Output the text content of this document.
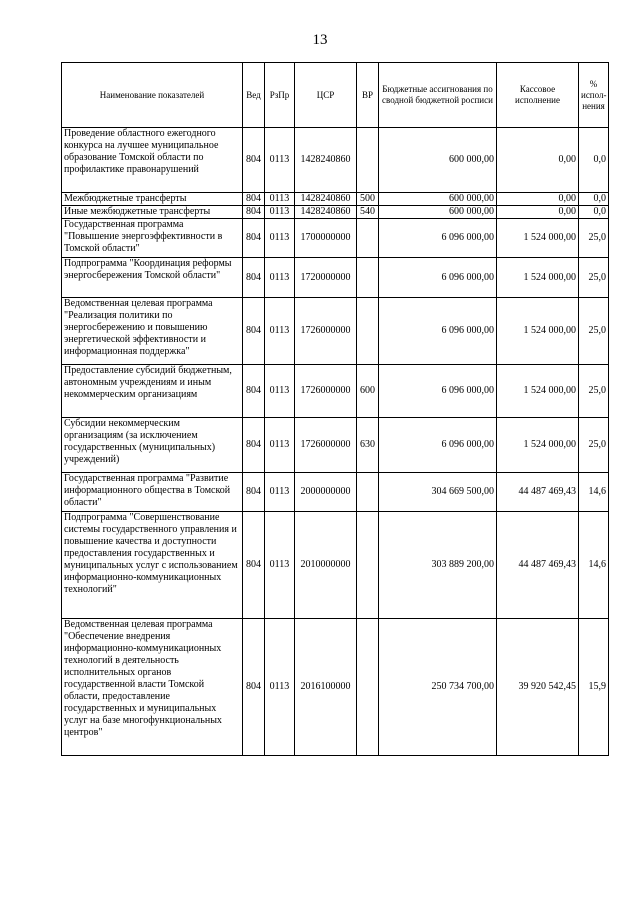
13
Наименование показателей	Вед	РзПр	ЦСР	ВР	Бюджетные ассигнования по сводной бюджетной росписи	Кассовое исполнение	% испол-нения

Проведение областного ежегодного конкурса на лучшее муниципальное образование Томской области по профилактике правонарушений	804	0113	1428240860		600 000,00	0,00	0,0

Межбюджетные трансферты	804	0113	1428240860	500	600 000,00	0,00	0,0

Иные межбюджетные трансферты	804	0113	1428240860	540	600 000,00	0,00	0,0

Государственная программа "Повышение энергоэффективности в Томской области"	804	0113	1700000000		6 096 000,00	1 524 000,00	25,0

Подпрограмма "Координация реформы энергосбережения Томской области"	804	0113	1720000000		6 096 000,00	1 524 000,00	25,0

Ведомственная целевая программа "Реализация политики по энергосбережению и повышению энергетической эффективности и информационная поддержка"	804	0113	1726000000		6 096 000,00	1 524 000,00	25,0

Предоставление субсидий бюджетным, автономным учреждениям и иным некоммерческим организациям	804	0113	1726000000	600	6 096 000,00	1 524 000,00	25,0

Субсидии некоммерческим организациям (за исключением государственных (муниципальных) учреждений)	804	0113	1726000000	630	6 096 000,00	1 524 000,00	25,0

Государственная программа "Развитие информационного общества в Томской области"	804	0113	2000000000		304 669 500,00	44 487 469,43	14,6

Подпрограмма "Совершенствование системы государственного управления и повышение качества и доступности предоставления государственных и муниципальных услуг с использованием информационно-коммуникационных технологий"	804	0113	2010000000		303 889 200,00	44 487 469,43	14,6

Ведомственная целевая программа "Обеспечение внедрения информационно-коммуникационных технологий в деятельность исполнительных органов государственной власти Томской области, предоставление государственных и муниципальных услуг на базе многофункциональных центров"	804	0113	2016100000		250 734 700,00	39 920 542,45	15,9
